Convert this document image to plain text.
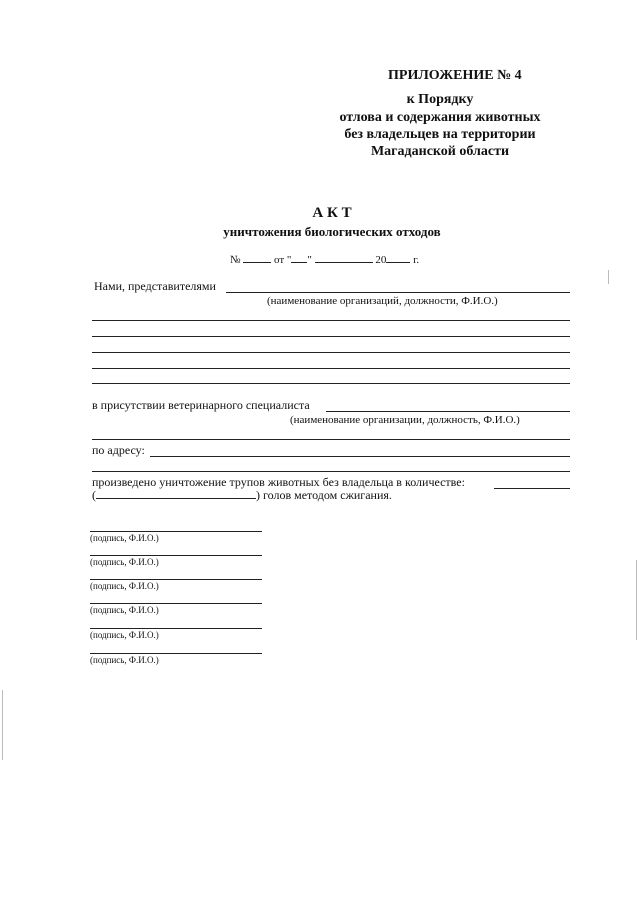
ПРИЛОЖЕНИЕ № 4
к Порядку
отлова и содержания животных
без владельцев на территории
Магаданской области
А К Т
уничтожения биологических отходов
№	от " "	20 г.
Нами, представителями
(наименование организаций, должности, Ф.И.О.)
в присутствии ветеринарного специалиста
(наименование организации, должность, Ф.И.О.)
по адресу:
произведено уничтожение трупов животных без владельца в количестве:
(	) голов методом сжигания.
(подпись, Ф.И.О.)
(подпись, Ф.И.О.)
(подпись, Ф.И.О.)
(подпись, Ф.И.О.)
(подпись, Ф.И.О.)
(подпись, Ф.И.О.)
